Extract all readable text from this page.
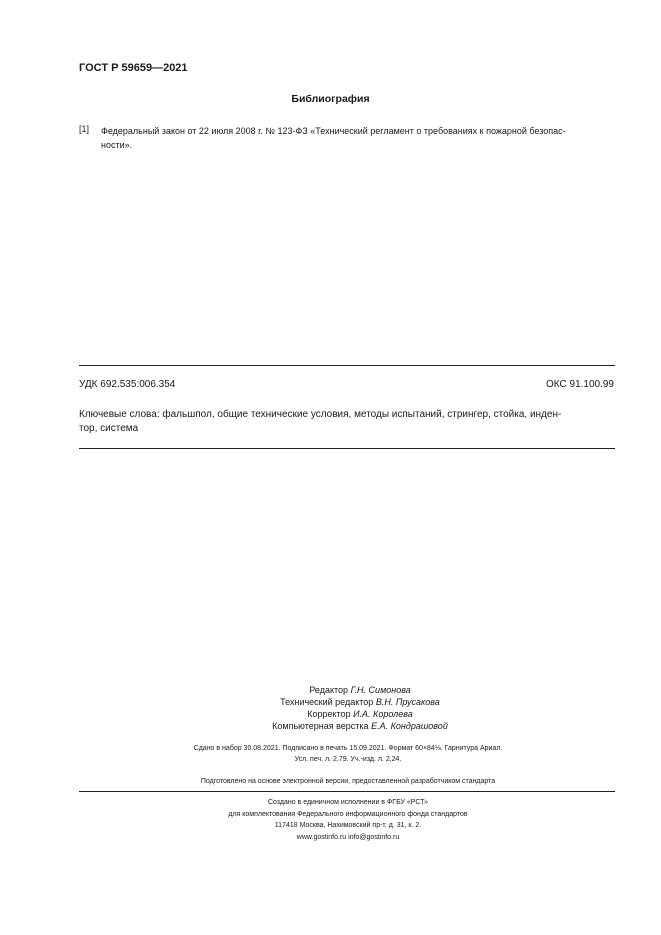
ГОСТ Р 59659—2021
Библиография
[1] Федеральный закон от 22 июля 2008 г. № 123-ФЗ «Технический регламент о требованиях к пожарной безопас-
ности».
УДК 692.535:006.354	ОКС 91.100.99
Ключевые слова: фальшпол, общие технические условия, методы испытаний, стрингер, стойка, инден-
тор, система
Редактор Г.Н. Симонова
Технический редактор В.Н. Прусакова
Корректор И.А. Королева
Компьютерная верстка Е.А. Кондрашовой
Сдано в набор 30.08.2021. Подписано в печать 15.09.2021. Формат 60×84⅛. Гарнитура Ариал.
Усл. печ. л. 2,79. Уч.-изд. л. 2,24.
Подготовлено на основе электронной версии, предоставленной разработчиком стандарта
Создано в единичном исполнении в ФГБУ «РСТ»
для комплектования Федерального информационного фонда стандартов
117418 Москва, Нахимовский пр-т, д. 31, к. 2.
www.gostinfo.ru info@gostinfo.ru
